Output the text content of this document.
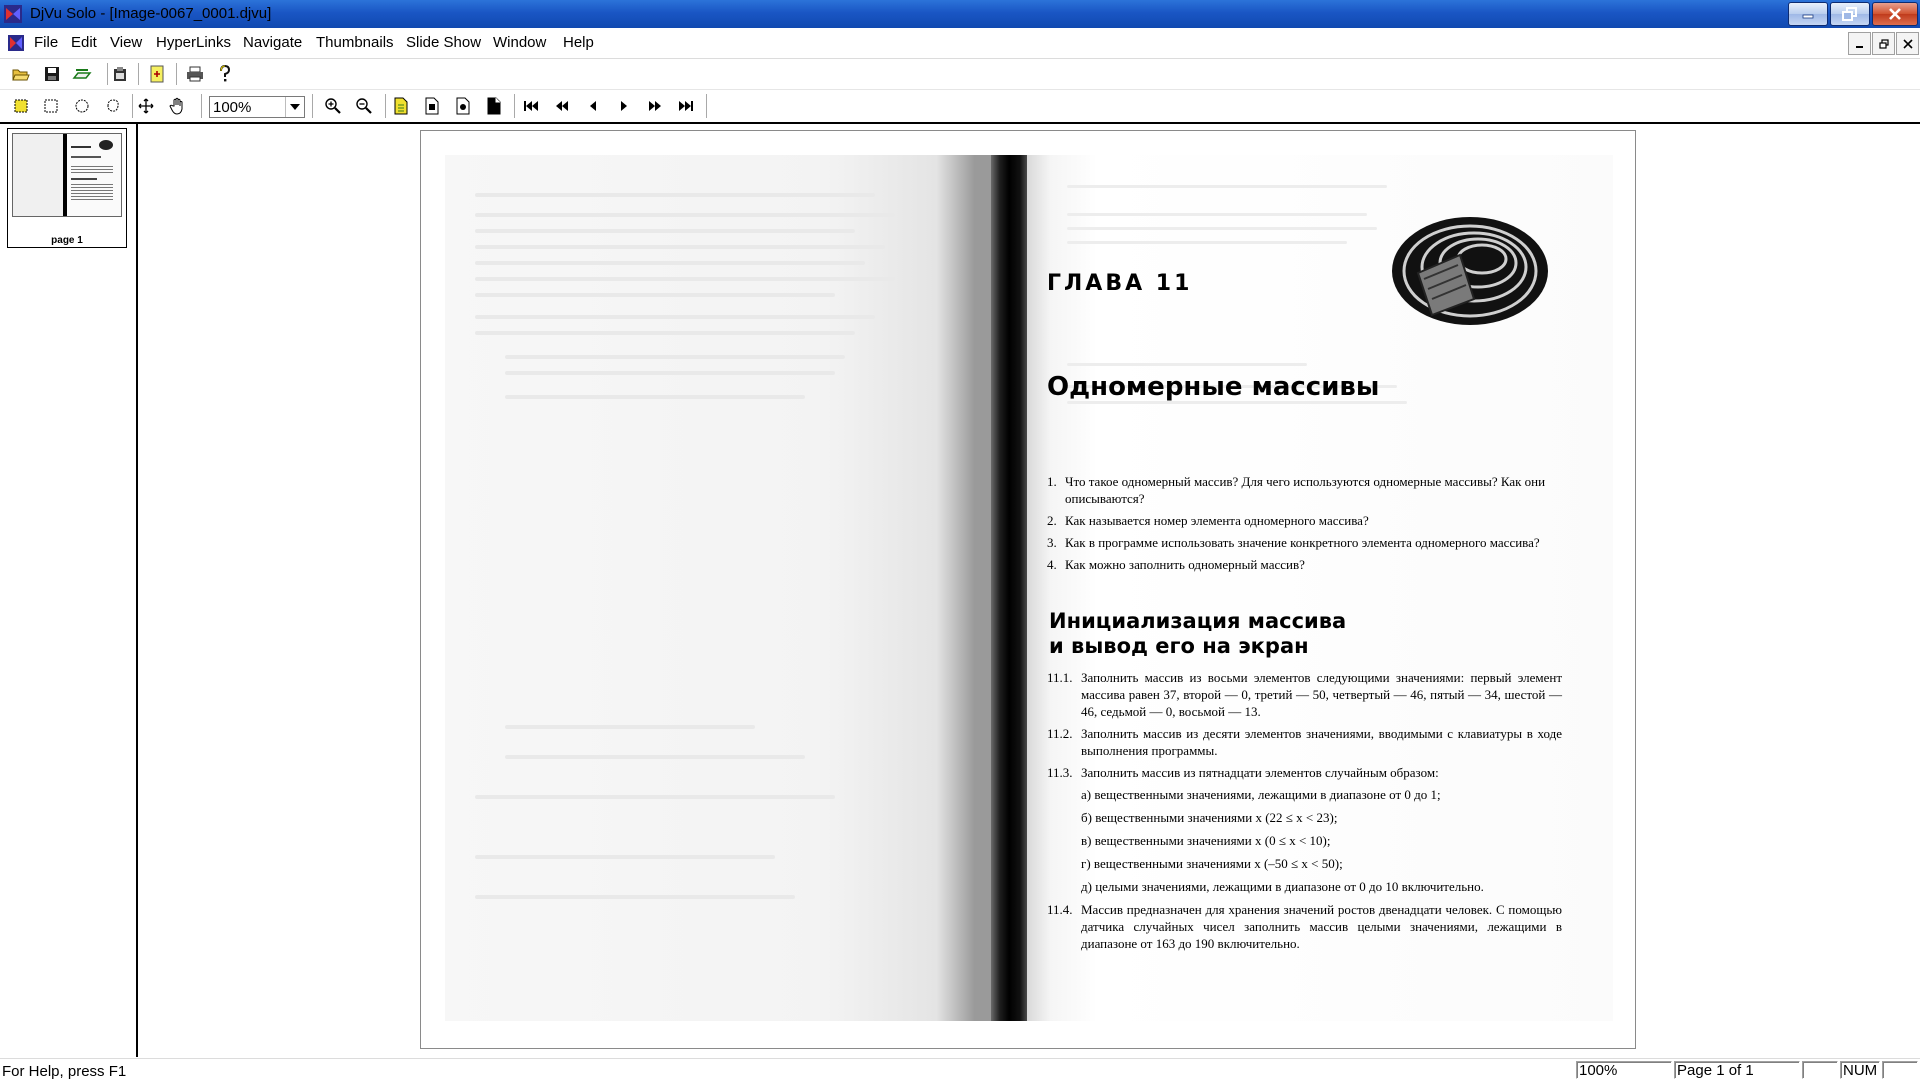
DjVu Solo - [Image-0067_0001.djvu]
File Edit View HyperLinks Navigate Thumbnails Slide Show Window Help
100%
page 1
ГЛАВА 11
Одномерные массивы
1. Что такое одномерный массив? Для чего используются одномерные массивы? Как они описываются?
2. Как называется номер элемента одномерного массива?
3. Как в программе использовать значение конкретного элемента одномерного массива?
4. Как можно заполнить одномерный массив?
Инициализация массива
и вывод его на экран
11.1. Заполнить массив из восьми элементов следующими значениями: первый элемент массива равен 37, второй — 0, третий — 50, четвертый — 46, пятый — 34, шестой — 46, седьмой — 0, восьмой — 13.
11.2. Заполнить массив из десяти элементов значениями, вводимыми с клавиатуры в ходе выполнения программы.
11.3. Заполнить массив из пятнадцати элементов случайным образом:
а) вещественными значениями, лежащими в диапазоне от 0 до 1;
б) вещественными значениями x (22 ≤ x < 23);
в) вещественными значениями x (0 ≤ x < 10);
г) вещественными значениями x (–50 ≤ x < 50);
д) целыми значениями, лежащими в диапазоне от 0 до 10 включительно.
11.4. Массив предназначен для хранения значений ростов двенадцати человек. С помощью датчика случайных чисел заполнить массив целыми значениями, лежащими в диапазоне от 163 до 190 включительно.
For Help, press F1	100%	Page 1 of 1	NUM
